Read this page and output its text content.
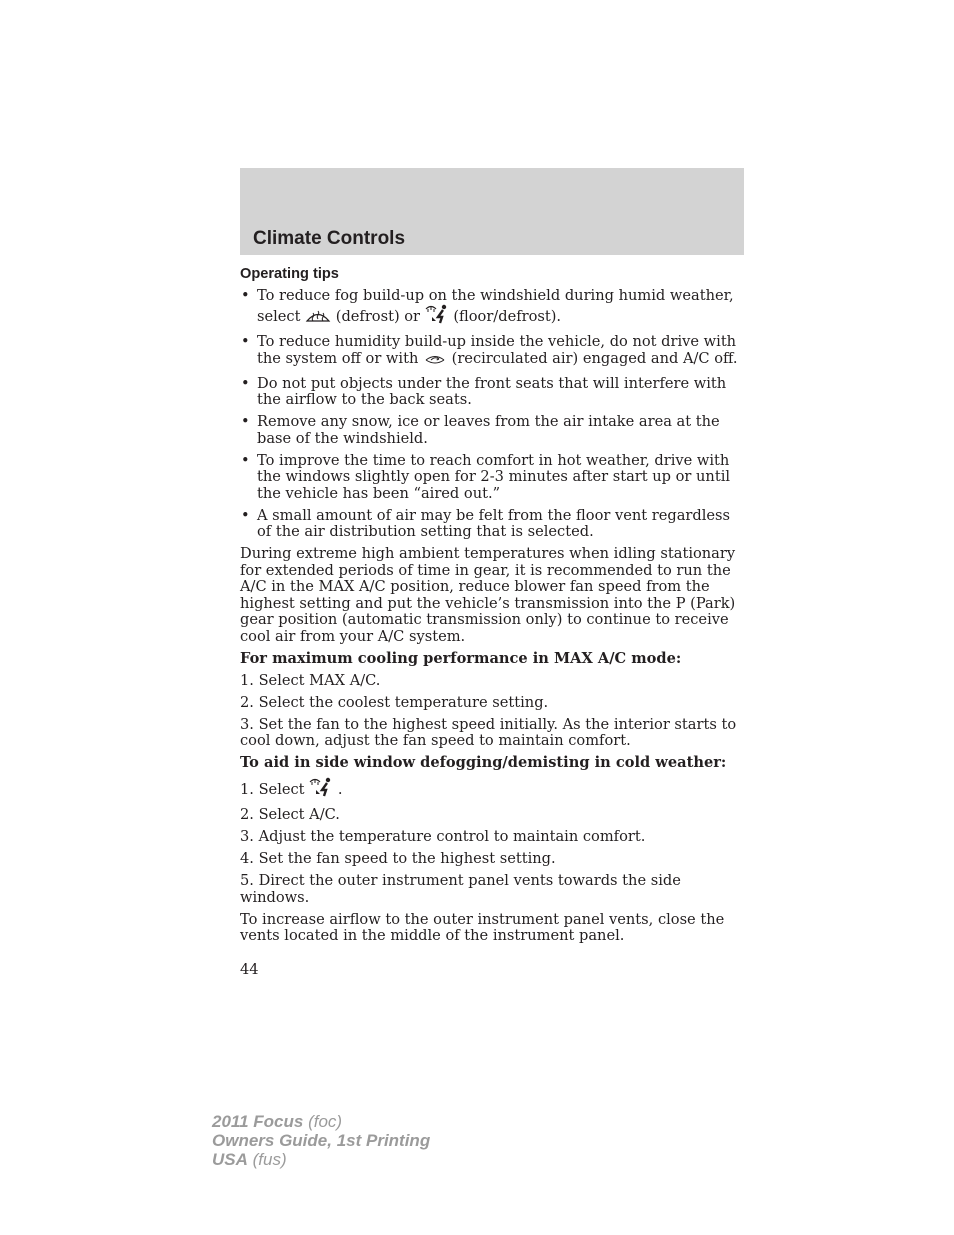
Climate Controls
Operating tips
• To reduce fog build-up on the windshield during humid weather, select (defrost) or (floor/defrost).
• To reduce humidity build-up inside the vehicle, do not drive with the system off or with (recirculated air) engaged and A/C off.
• Do not put objects under the front seats that will interfere with the airflow to the back seats.
• Remove any snow, ice or leaves from the air intake area at the base of the windshield.
• To improve the time to reach comfort in hot weather, drive with the windows slightly open for 2-3 minutes after start up or until the vehicle has been “aired out.”
• A small amount of air may be felt from the floor vent regardless of the air distribution setting that is selected.

During extreme high ambient temperatures when idling stationary for extended periods of time in gear, it is recommended to run the A/C in the MAX A/C position, reduce blower fan speed from the highest setting and put the vehicle’s transmission into the P (Park) gear position (automatic transmission only) to continue to receive cool air from your A/C system.

For maximum cooling performance in MAX A/C mode:

1. Select MAX A/C.

2. Select the coolest temperature setting.

3. Set the fan to the highest speed initially. As the interior starts to cool down, adjust the fan speed to maintain comfort.

To aid in side window defogging/demisting in cold weather:

1. Select .

2. Select A/C.

3. Adjust the temperature control to maintain comfort.

4. Set the fan speed to the highest setting.

5. Direct the outer instrument panel vents towards the side windows.

To increase airflow to the outer instrument panel vents, close the vents located in the middle of the instrument panel.

44
2011 Focus (foc)
Owners Guide, 1st Printing
USA (fus)
